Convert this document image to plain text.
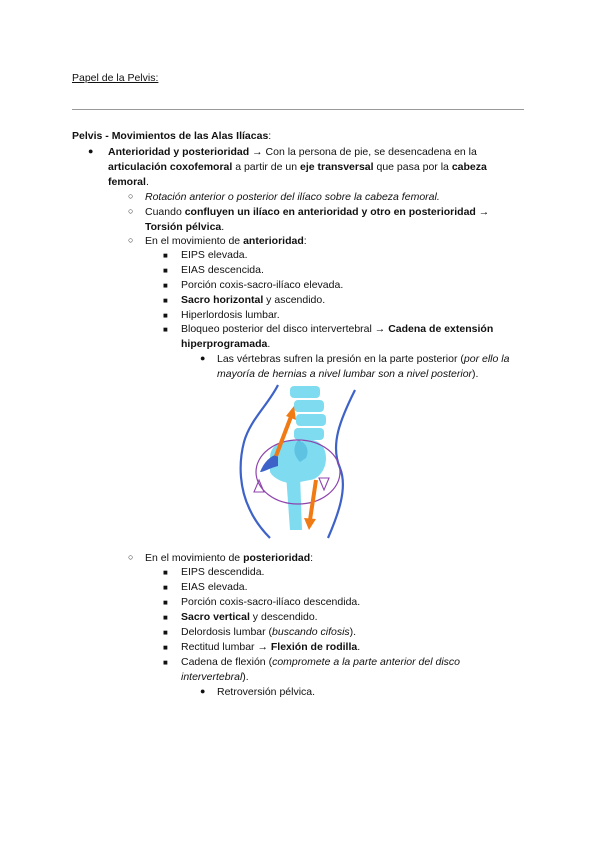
Papel de la Pelvis:
Pelvis - Movimientos de las Alas Ilíacas:
● Anterioridad y posterioridad → Con la persona de pie, se desencadena en la
articulación coxofemoral a partir de un eje transversal que pasa por la cabeza
femoral.
○ Rotación anterior o posterior del ilíaco sobre la cabeza femoral.
○ Cuando confluyen un ilíaco en anterioridad y otro en posterioridad →
Torsión pélvica.
○ En el movimiento de anterioridad:
■ EIPS elevada.
■ EIAS descencida.
■ Porción coxis-sacro-ilíaco elevada.
■ Sacro horizontal y ascendido.
■ Hiperlordosis lumbar.
■ Bloqueo posterior del disco intervertebral → Cadena de extensión
hiperprogramada.
● Las vértebras sufren la presión en la parte posterior (por ello la
mayoría de hernias a nivel lumbar son a nivel posterior).
○ En el movimiento de posterioridad:
■ EIPS descendida.
■ EIAS elevada.
■ Porción coxis-sacro-ilíaco descendida.
■ Sacro vertical y descendido.
■ Delordosis lumbar (buscando cifosis).
■ Rectitud lumbar → Flexión de rodilla.
■ Cadena de flexión (compromete a la parte anterior del disco
intervertebral).
● Retroversión pélvica.
